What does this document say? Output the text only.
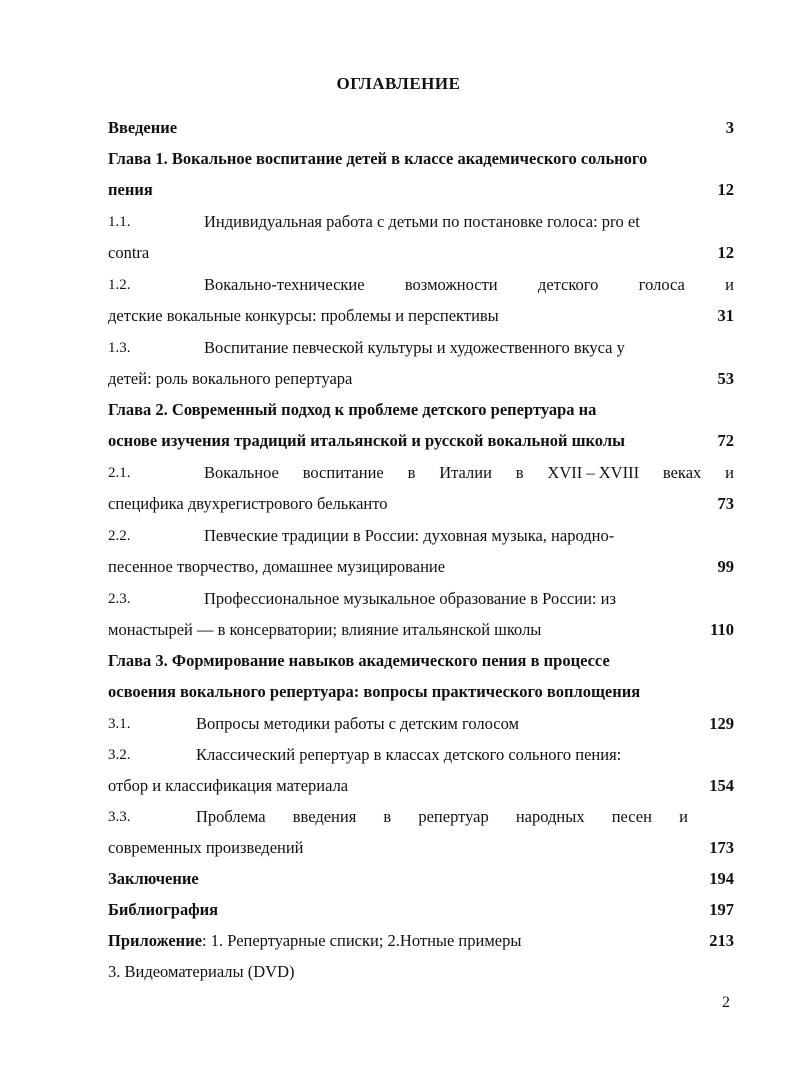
ОГЛАВЛЕНИЕ
Введение	3
Глава 1. Вокальное воспитание детей в классе академического сольного
пения	12
1.1.	Индивидуальная работа с детьми по постановке голоса: pro et
contra	12
1.2.	Вокально-технические возможности детского голоса и
детские вокальные конкурсы: проблемы и перспективы	31
1.3.	Воспитание певческой культуры и художественного вкуса у
детей: роль вокального репертуара	53
Глава 2. Современный подход к проблеме детского репертуара на
основе изучения традиций итальянской и русской вокальной школы	72
2.1.	Вокальное воспитание в Италии в XVII – XVIII веках и
специфика двухрегистрового бельканто	73
2.2.	Певческие традиции в России: духовная музыка, народно-
песенное творчество, домашнее музицирование	99
2.3.	Профессиональное музыкальное образование в России: из
монастырей — в консерватории; влияние итальянской школы	110
Глава 3. Формирование навыков академического пения в процессе
освоения вокального репертуара: вопросы практического воплощения
3.1.	Вопросы методики работы с детским голосом	129
3.2.	Классический репертуар в классах детского сольного пения:
отбор и классификация материала	154
3.3.	Проблема введения в репертуар народных песен и
современных произведений	173
Заключение	194
Библиография	197
Приложение: 1. Репертуарные списки; 2.Нотные примеры	213
3. Видеоматериалы (DVD)
2
